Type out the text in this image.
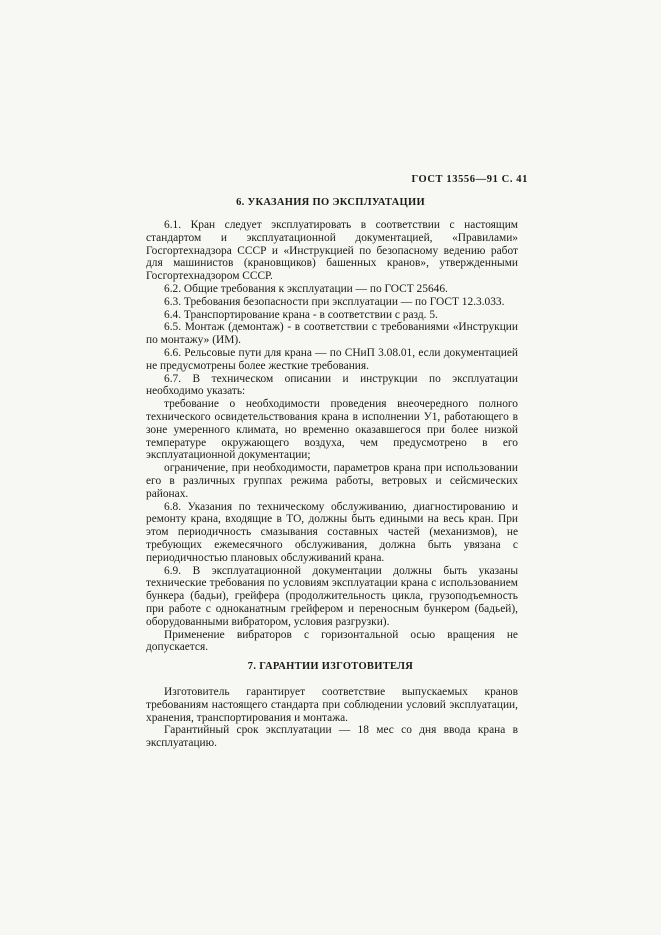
ГОСТ 13556—91 С. 41
6. УКАЗАНИЯ ПО ЭКСПЛУАТАЦИИ

6.1. Кран следует эксплуатировать в соответствии с настоящим стандартом и эксплуатационной документацией, «Правилами» Госгортехнадзора СССР и «Инструкцией по безопасному ведению работ для машинистов (крановщиков) башенных кранов», утвержденными Госгортехнадзором СССР.

6.2. Общие требования к эксплуатации — по ГОСТ 25646.

6.3. Требования безопасности при эксплуатации — по ГОСТ 12.3.033.

6.4. Транспортирование крана - в соответствии с разд. 5.

6.5. Монтаж (демонтаж) - в соответствии с требованиями «Инструкции по монтажу» (ИМ).

6.6. Рельсовые пути для крана — по СНиП 3.08.01, если документацией не предусмотрены более жесткие требования.

6.7. В техническом описании и инструкции по эксплуатации необходимо указать:

требование о необходимости проведения внеочередного полного технического освидетельствования крана в исполнении У1, работающего в зоне умеренного климата, но временно оказавшегося при более низкой температуре окружающего воздуха, чем предусмотрено в его эксплуатационной документации;

ограничение, при необходимости, параметров крана при использовании его в различных группах режима работы, ветровых и сейсмических районах.

6.8. Указания по техническому обслуживанию, диагностированию и ремонту крана, входящие в ТО, должны быть едиными на весь кран. При этом периодичность смазывания составных частей (механизмов), не требующих ежемесячного обслуживания, должна быть увязана с периодичностью плановых обслуживаний крана.

6.9. В эксплуатационной документации должны быть указаны технические требования по условиям эксплуатации крана с использованием бункера (бадьи), грейфера (продолжительность цикла, грузоподъемность при работе с одноканатным грейфером и переносным бункером (бадьей), оборудованными вибратором, условия разгрузки).

Применение вибраторов с горизонтальной осью вращения не допускается.

7. ГАРАНТИИ ИЗГОТОВИТЕЛЯ

Изготовитель гарантирует соответствие выпускаемых кранов требованиям настоящего стандарта при соблюдении условий эксплуатации, хранения, транспортирования и монтажа.

Гарантийный срок эксплуатации — 18 мес со дня ввода крана в эксплуатацию.
